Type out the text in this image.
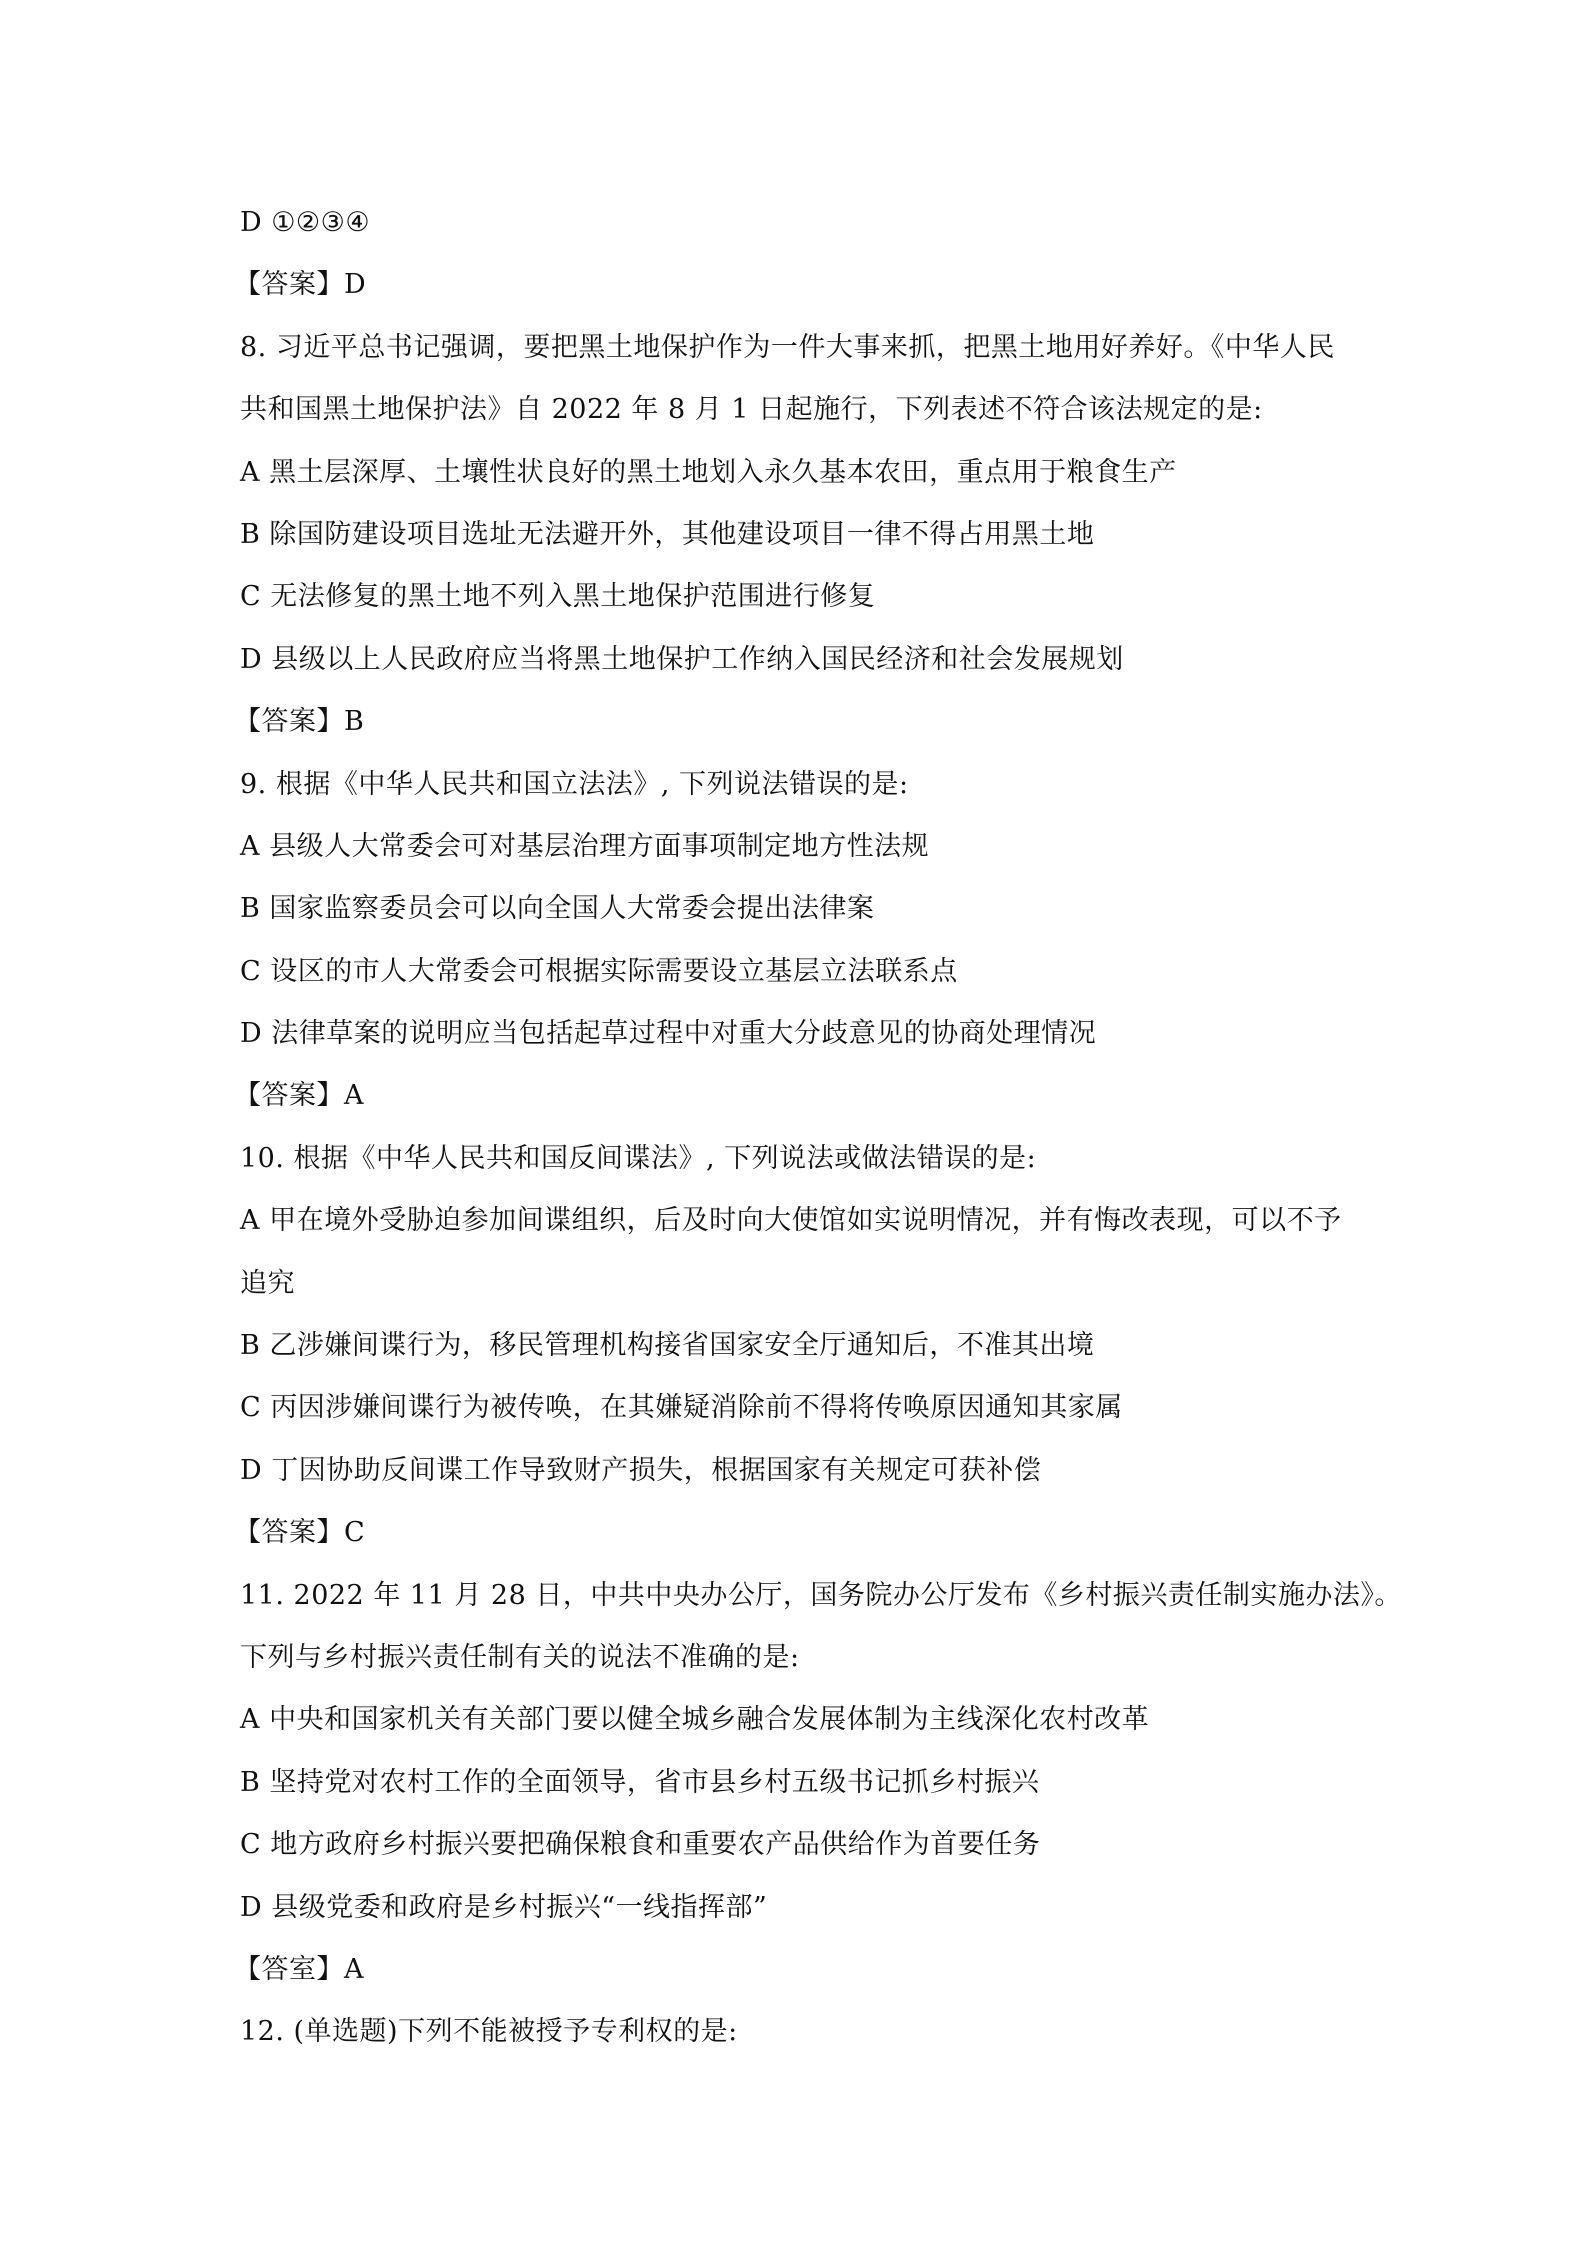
D ①②③④
【答案】D
8. 习近平总书记强调，要把黑土地保护作为一件大事来抓，把黑土地用好养好。《中华人民
共和国黑土地保护法》自 2022 年 8 月 1 日起施行，下列表述不符合该法规定的是:
A 黑土层深厚、土壤性状良好的黑土地划入永久基本农田，重点用于粮食生产
B 除国防建设项目选址无法避开外，其他建设项目一律不得占用黑土地
C 无法修复的黑土地不列入黑土地保护范围进行修复
D 县级以上人民政府应当将黑土地保护工作纳入国民经济和社会发展规划
【答案】B
9. 根据《中华人民共和国立法法》, 下列说法错误的是:
A 县级人大常委会可对基层治理方面事项制定地方性法规
B 国家监察委员会可以向全国人大常委会提出法律案
C 设区的市人大常委会可根据实际需要设立基层立法联系点
D 法律草案的说明应当包括起草过程中对重大分歧意见的协商处理情况
【答案】A
10. 根据《中华人民共和国反间谍法》, 下列说法或做法错误的是:
A 甲在境外受胁迫参加间谍组织，后及时向大使馆如实说明情况，并有悔改表现，可以不予
追究
B 乙涉嫌间谍行为，移民管理机构接省国家安全厅通知后，不准其出境
C 丙因涉嫌间谍行为被传唤，在其嫌疑消除前不得将传唤原因通知其家属
D 丁因协助反间谍工作导致财产损失，根据国家有关规定可获补偿
【答案】C
11. 2022 年 11 月 28 日，中共中央办公厅，国务院办公厅发布《乡村振兴责任制实施办法》。
下列与乡村振兴责任制有关的说法不准确的是:
A 中央和国家机关有关部门要以健全城乡融合发展体制为主线深化农村改革
B 坚持党对农村工作的全面领导，省市县乡村五级书记抓乡村振兴
C 地方政府乡村振兴要把确保粮食和重要农产品供给作为首要任务
D 县级党委和政府是乡村振兴“一线指挥部”
【答室】A
12. (单选题)下列不能被授予专利权的是:
